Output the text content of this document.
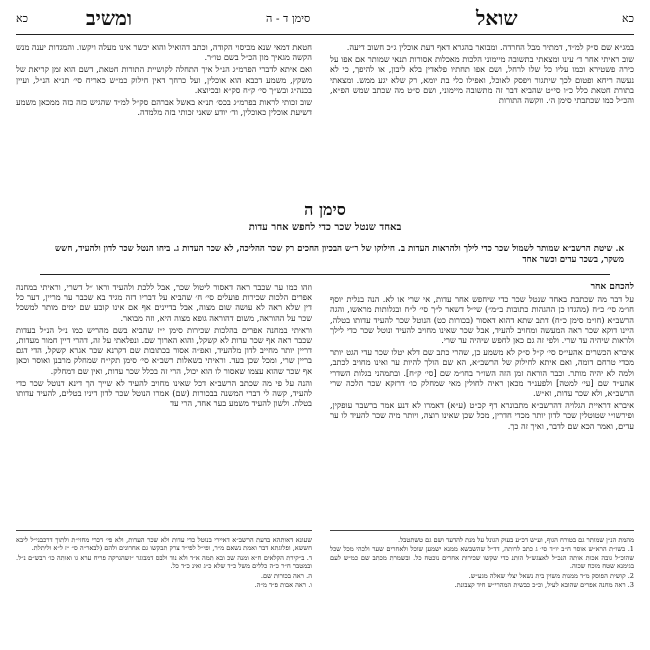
כא	ומשיב	סימן ד - ה	שואל	כא

חטאת דמאי שנא מכיסוי הקודה, וכתב דהואיל והוא יכשר אינו מעלה ויקשו. והמגדות יענה מנש הקשה מגאיך מון הכ״ל בשם טו״ר.

ואם איתא לדברי הפרמ״ג הנ״ל איך התחלה לקושיית התורות חטאת, דשם הוא זמן קריאת של משקץ, משמע דכבא הוא אוכלין, ועל כרחך דאין חילוק כמ״ש כאריח סי׳ תנ״א הנ״ל, ועיין בכנה״ג ובש״ך סי׳ ק״ח סק״א ובכיוצא.

שוב זכותי לראות בפרמ״ג בכס׳ תנ״א באשל אברהם סק״ל למ״ד שהגיש כזה כזה ממכאן משמע דשיעת אוכלין כאוכלין, וד׳ יודע שאני זכותי בזה מלמדה.

במג״א שם ס״ק למ״ד, דמתיר מבל החרדה. ומבואר בהגרא דאף דעת אוכלין ג״כ חשוב דיעה.

שוב ראיתי אחר ד׳ עינו ומצאתי בתשובה מיימוני הלכות מאכלות אסורות תנאי שמותר אם אפו על כירה פשטירא וכמו עליו כל שלו לרחל, ושם אפו תחתיו פלאדין בלא ליבון, או להיפך, כי לא נעשה ריחא ופטום לכך שיתגור ויפסק לאוכל, ואפילו כלי בת יומא, רק שלא יגע ממש. ומצאתי בתורת חטאת כלל כ״ו סי״ט שהביא דבר זה מתשובה מיימוני, ושם ס״ט מה שכתב שמש הפ״א, והכ״ל כמו שכתבתי סימן ה׳. ווקשה התורות

סימן ה
באחד שנטל שכר כדי לחפש אחר עדות
א. שיטת הרשב״א שמותר לשמול שכר כדי לילך ולהראות העדות ב. חילוקו של ר״ש הבכיון החכים רק שכר ההליכה, לא שכר העדות ג. ביחו הנטל שכר לדון ולהעיד, חשש משקר, בשכר עדים וכשר אחד

וזהו כמו ער שכבר ראה דאסור ליטול שכר, אבל ללכת ולהעיד וראו ״ל דשרי, וראיתי במחנה אפרים הלכות שכירות פועלים סי׳ ח׳ שהביא על דבריו דזה מגיד בא שכבר ער מריין, דער כל דין שלא ראה לא עושה שום מצוה, אבל בדיינים אף אם אינו קובע שם ימים מותר למשכל שכר על ההוראה, משום דהוראה גופא מצוה היא, וזה מבואר.

וראיתי במחנה אפרים בהלכות שכירות סימן י״ז שהביא בשם מהריש כמו נ״ל הנ״ל בעדות שכבר ראה אף שכר עדות לא קשקל, והוא הארוך שם. ונפלאתי על זה, דהרי דיין חמור מעדות, דריין יותר מחייב לדון מלהעיד, ואפ״ה אסור בכתובות שם דקרנא שכר אגרא קשקל, הדי דגם בריין שרי, ומכל שכן בעד. וראיתי בשאלות רשב״א סי׳ סימן תקי״ח שמחלק מרבנן ואוסר וכאן אף שכר שהוא עצמו שאסור לו הוא יכול, הרי זה בכלל שכר עדות, ואין שם דמחלק.

והנה על פי מה שכתב הרשב״א דכל שאינו מחויב להעיד לא שייך הך דינא דנוטל שכר כדי להעיד, קשה לי דברי המשנה בבכורות (שם) אמרו הנוטל שכר לדון דיניו בטלים, להעיד עדותו בטלה. ולשון להעיד משמע בער אחד, הרי עד

להכחם אחר

על דבר מה שכתבת באחד שנטל שכר כדי שיחפש אחר עדות, אי שרי או לא. הנה בנלית יוסף חו״מ סי׳ כ״ח (מהגדו כן ההגהות כתובות ב״מ״) שי״ל דשאר ל״ך סי׳ ל״ח ובגלותות מראשו, והגה הרשב״א (חו״מ סימן כ״ח) דתב שתא דהוא דאסור (בכורות כט) הנוטל שכר להעיד עדותו בטלה, היינו דוקא שכר ראה המעשה ומחויב להעיד, אבל שכר שאינו מחויב להעיד ונוטל שכר כדי לילך ולראות שיהיה עד שרי. ולפי זה גם כאן לחפש שיהיה עד שרי.

איברא הכשרים אהעי״ס סי׳ ק״ל ס״ק לא משמע כן, שהרי כתב שם דלא יטלו שכר עדי הגט יותר מכדי טרחם דומה, ואם איתא לחילוק של הרשב״א, הא שם הולך להיות ער ואינו מחויב לכתב, ולמה לא יהיה מותר. וכבר הוראה זמן הזה השו״ר בחו״מ שם [סי׳ ק״ח]. ובתמהני בגלות השדרי אהע״ד שם [עי׳ למטה] ולפענ״ד מכאן ראיה לחולין מאי שמחלק כו׳ דרזקא שכר הלכה שרי הרשב״א, ולא שכר עדות, וא״ש.

איברא דראיית הגלויה דהרשב״א מתבונרא דף קכ״ט (ע״א) דאמרו לא דנע אמר ברשבר עופקין, ופירשו״י שטוטלין שכר לדון יותר מכדי חדרין, מכל שכן שאינו רוצה, ויותר מיה שכר להעיד לו ער עדים, ואמר הכא שם לדבר, ואיך זה כך.

שעונא דאותהא בדעת הרשב״א דאיירי בנוטל כדי עדות ולא שכר העדות, ולא פי׳ דכרי מחזי״ת ולתוך דרכבני״ל ליבא חששא, ופלוגתא דבר ואמת נשאם מ״ר, ופי״ל לפי״ד צרק תבקשו גם אחרונים ולהם (לבאר״ה ס״ ״ז ל״א וליתלת.

ד. ב״קירת הקלאים ח״א ומנה שכ ובא תמה א״ד ולא נוד ולבס דמבוגר ״זשהגרקה פריח ערא גו ואותה כו׳ רבש״ם נ״ל. ובמטבר ח״ר כ״ה כללים משל כ״ד שלא כ״ג ואינ כ״ד כל.

ה. ראה בכורות שם.

ו. ראה אבות פ״ד מ״ה.

מהמת הנ״ן שמותר גם בטורח הגוף, וע״ש דכ״ע בעוק הגונל על מנת להדעד ושם גם טשתטבל.

1. בשו״ת הרא״ש אוסר ח״ב יו״ד סי׳ ג כתב לרותה, דד״ל שהשבשא ממנא ישמען שוכל ולאחרים שער ולכהי מכל שכל שהוכ״ל גובה אכות אותה הנכ״ל לאצגש״ל הותנ כדי שקשו שכירות אחרים נוכטח כל. ובשמרת מכתב שם כמ״ש לעם בגימנא שטח מוכח שכוה.

2. קושית הפוסק מ״ד ממנות משוין בית נשאל יצלי שאלה מגע״ש.

3. ראה מחנה אפרים שהובא לעיל, וכ״כ כבשית המהרי״ש חיד קצבונת.
